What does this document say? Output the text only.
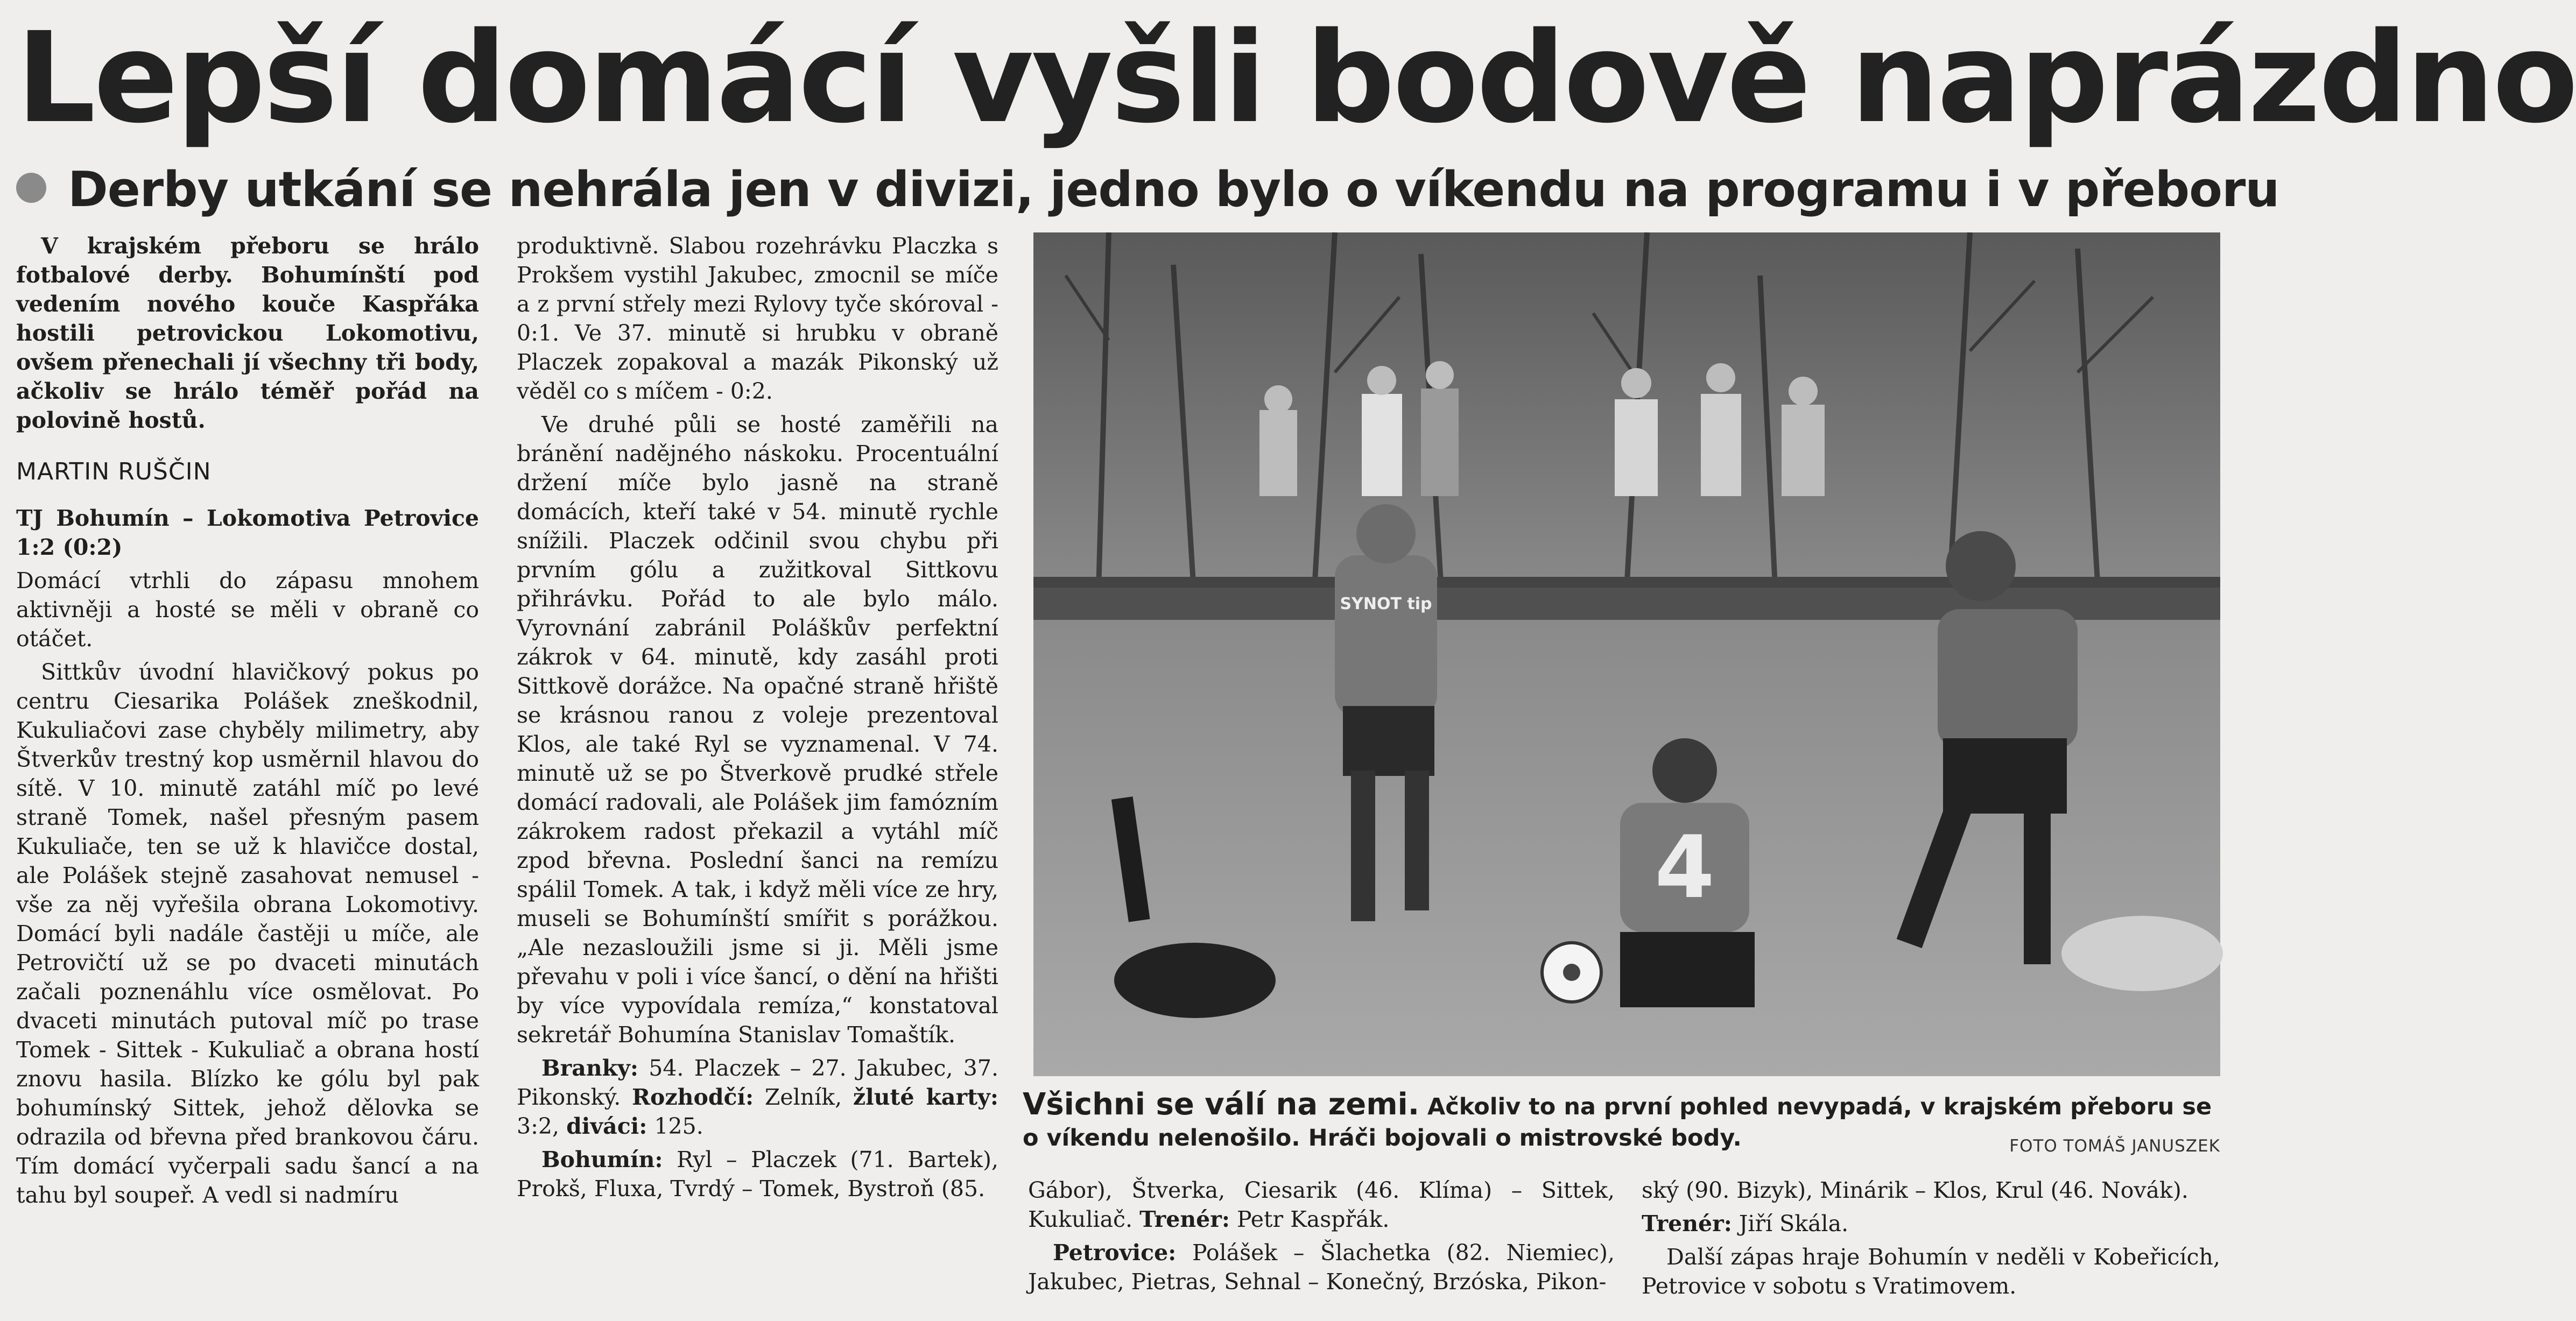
Lepší domácí vyšli bodově naprázdno
Derby utkání se nehrála jen v divizi, jedno bylo o víkendu na programu i v přeboru

V krajském přeboru se hrálo fotbalové derby. Bohumínští pod vedením nového kouče Kaspřáka hostili petrovickou Lokomotivu, ovšem přenechali jí všechny tři body, ačkoliv se hrálo téměř pořád na polovině hostů.

MARTIN RUŠČIN

TJ Bohumín – Lokomotiva Petrovice 1:2 (0:2)

Domácí vtrhli do zápasu mnohem aktivněji a hosté se měli v obraně co otáčet.

Sittkův úvodní hlavičkový pokus po centru Ciesarika Polášek zneškodnil, Kukuliačovi zase chyběly milimetry, aby Štverkův trestný kop usměrnil hlavou do sítě. V 10. minutě zatáhl míč po levé straně Tomek, našel přesným pasem Kukuliače, ten se už k hlavičce dostal, ale Polášek stejně zasahovat nemusel - vše za něj vyřešila obrana Lokomotivy. Domácí byli nadále častěji u míče, ale Petrovičtí už se po dvaceti minutách začali poznenáhlu více osmělovat. Po dvaceti minutách putoval míč po trase Tomek - Sittek - Kukuliač a obrana hostí znovu hasila. Blízko ke gólu byl pak bohumínský Sittek, jehož dělovka se odrazila od břevna před brankovou čáru. Tím domácí vyčerpali sadu šancí a na tahu byl soupeř. A vedl si nadmíru

produktivně. Slabou rozehrávku Placzka s Prokšem vystihl Jakubec, zmocnil se míče a z první střely mezi Rylovy tyče skóroval - 0:1. Ve 37. minutě si hrubku v obraně Placzek zopakoval a mazák Pikonský už věděl co s míčem - 0:2.

Ve druhé půli se hosté zaměřili na bránění nadějného náskoku. Procentuální držení míče bylo jasně na straně domácích, kteří také v 54. minutě rychle snížili. Placzek odčinil svou chybu při prvním gólu a zužitkoval Sittkovu přihrávku. Pořád to ale bylo málo. Vyrovnání zabránil Poláškův perfektní zákrok v 64. minutě, kdy zasáhl proti Sittkově dorážce. Na opačné straně hřiště se krásnou ranou z voleje prezentoval Klos, ale také Ryl se vyznamenal. V 74. minutě už se po Štverkově prudké střele domácí radovali, ale Polášek jim famózním zákrokem radost překazil a vytáhl míč zpod břevna. Poslední šanci na remízu spálil Tomek. A tak, i když měli více ze hry, museli se Bohumínští smířit s porážkou. „Ale nezasloužili jsme si ji. Měli jsme převahu v poli i více šancí, o dění na hřišti by více vypovídala remíza,“ konstatoval sekretář Bohumína Stanislav Tomaštík.

Branky: 54. Placzek – 27. Jakubec, 37. Pikonský. Rozhodčí: Zelník, žluté karty: 3:2, diváci: 125.

Bohumín: Ryl – Placzek (71. Bartek), Prokš, Fluxa, Tvrdý – Tomek, Bystroň (85.

4
SYNOT tip
Všichni se válí na zemi. Ačkoliv to na první pohled nevypadá, v krajském přeboru se o víkendu nelenošilo. Hráči bojovali o mistrovské body.	FOTO TOMÁŠ JANUSZEK

Gábor), Štverka, Ciesarik (46. Klíma) – Sittek, Kukuliač. Trenér: Petr Kaspřák.

Petrovice: Polášek – Šlachetka (82. Niemiec), Jakubec, Pietras, Sehnal – Konečný, Brzóska, Pikon-

ský (90. Bizyk), Minárik – Klos, Krul (46. Novák).

Trenér: Jiří Skála.

Další zápas hraje Bohumín v neděli v Kobeřicích, Petrovice v sobotu s Vratimovem.
